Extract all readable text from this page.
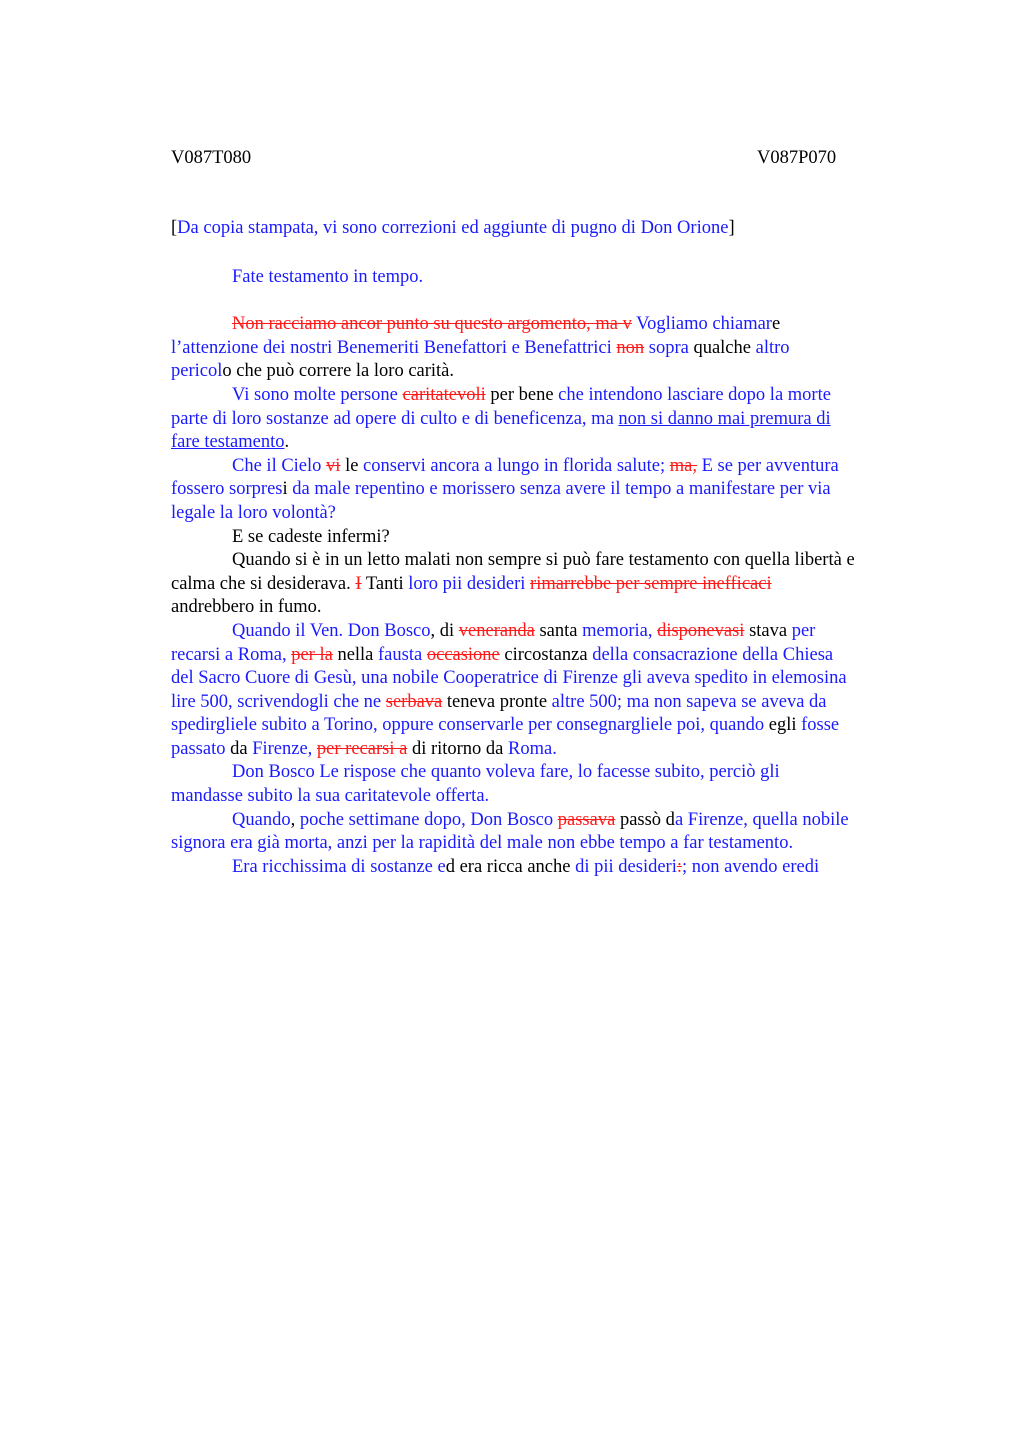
V087T080	V087P070

[Da copia stampata, vi sono correzioni ed aggiunte di pugno di Don Orione]

Fate testamento in tempo.

Non racciamo ancor punto su questo argomento, ma v Vogliamo chiamare
l’attenzione dei nostri Benemeriti Benefattori e Benefattrici non sopra qualche altro
pericolo che può correre la loro carità.

Vi sono molte persone caritatevoli per bene che intendono lasciare dopo la morte
parte di loro sostanze ad opere di culto e di beneficenza, ma non si danno mai premura di
fare testamento.

Che il Cielo vi le conservi ancora a lungo in florida salute; ma, E se per avventura
fossero sorpresi da male repentino e morissero senza avere il tempo a manifestare per via
legale la loro volontà?

E se cadeste infermi?

Quando si è in un letto malati non sempre si può fare testamento con quella libertà e
calma che si desiderava. I Tanti loro pii desideri rimarrebbe per sempre inefficaci
andrebbero in fumo.

Quando il Ven. Don Bosco, di veneranda santa memoria, disponevasi stava per
recarsi a Roma, per la nella fausta occasione circostanza della consacrazione della Chiesa
del Sacro Cuore di Gesù, una nobile Cooperatrice di Firenze gli aveva spedito in elemosina
lire 500, scrivendogli che ne serbava teneva pronte altre 500; ma non sapeva se aveva da
spedirgliele subito a Torino, oppure conservarle per consegnargliele poi, quando egli fosse
passato da Firenze, per recarsi a di ritorno da Roma.

Don Bosco Le rispose che quanto voleva fare, lo facesse subito, perciò gli
mandasse subito la sua caritatevole offerta.

Quando, poche settimane dopo, Don Bosco passava passò da Firenze, quella nobile
signora era già morta, anzi per la rapidità del male non ebbe tempo a far testamento.

Era ricchissima di sostanze ed era ricca anche di pii desideri:; non avendo eredi
